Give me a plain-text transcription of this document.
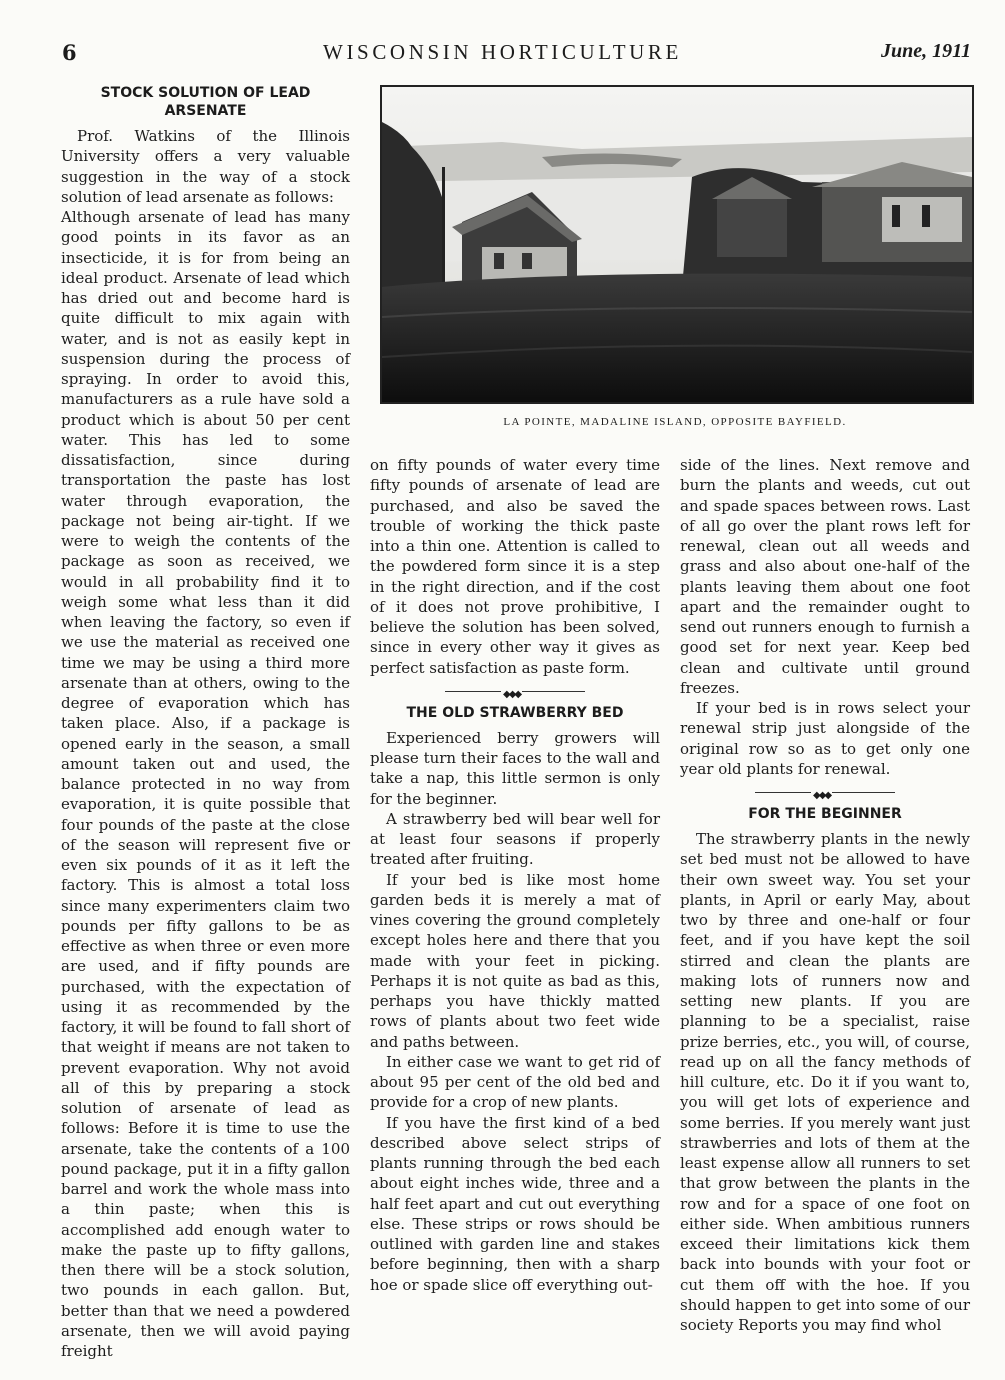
6	WISCONSIN HORTICULTURE	June, 1911
STOCK SOLUTION OF LEAD ARSENATE

Prof. Watkins of the Illinois University offers a very valuable suggestion in the way of a stock solution of lead arsenate as follows:

Although arsenate of lead has many good points in its favor as an insecticide, it is for from being an ideal product. Arsenate of lead which has dried out and become hard is quite difficult to mix again with water, and is not as easily kept in suspension during the process of spraying. In order to avoid this, manufacturers as a rule have sold a product which is about 50 per cent water. This has led to some dissatisfaction, since during transportation the paste has lost water through evaporation, the package not being air-tight. If we were to weigh the contents of the package as soon as received, we would in all probability find it to weigh some what less than it did when leaving the factory, so even if we use the material as received one time we may be using a third more arsenate than at others, owing to the degree of evaporation which has taken place. Also, if a package is opened early in the season, a small amount taken out and used, the balance protected in no way from evaporation, it is quite possible that four pounds of the paste at the close of the season will represent five or even six pounds of it as it left the factory. This is almost a total loss since many experimenters claim two pounds per fifty gallons to be as effective as when three or even more are used, and if fifty pounds are purchased, with the expectation of using it as recommended by the factory, it will be found to fall short of that weight if means are not taken to prevent evaporation. Why not avoid all of this by preparing a stock solution of arsenate of lead as follows: Before it is time to use the arsenate, take the contents of a 100 pound package, put it in a fifty gallon barrel and work the whole mass into a thin paste; when this is accomplished add enough water to make the paste up to fifty gallons, then there will be a stock solution, two pounds in each gallon. But, better than that we need a powdered arsenate, then we will avoid paying freight

LA POINTE, MADALINE ISLAND, OPPOSITE BAYFIELD.

on fifty pounds of water every time fifty pounds of arsenate of lead are purchased, and also be saved the trouble of working the thick paste into a thin one. Attention is called to the powdered form since it is a step in the right direction, and if the cost of it does not prove prohibitive, I believe the solution has been solved, since in every other way it gives as perfect satisfaction as paste form.

◆◆◆
THE OLD STRAWBERRY BED

Experienced berry growers will please turn their faces to the wall and take a nap, this little sermon is only for the beginner.

A strawberry bed will bear well for at least four seasons if properly treated after fruiting.

If your bed is like most home garden beds it is merely a mat of vines covering the ground completely except holes here and there that you made with your feet in picking. Perhaps it is not quite as bad as this, perhaps you have thickly matted rows of plants about two feet wide and paths between.

In either case we want to get rid of about 95 per cent of the old bed and provide for a crop of new plants.

If you have the first kind of a bed described above select strips of plants running through the bed each about eight inches wide, three and a half feet apart and cut out everything else. These strips or rows should be outlined with garden line and stakes before beginning, then with a sharp hoe or spade slice off everything out-

side of the lines. Next remove and burn the plants and weeds, cut out and spade spaces between rows. Last of all go over the plant rows left for renewal, clean out all weeds and grass and also about one-half of the plants leaving them about one foot apart and the remainder ought to send out runners enough to furnish a good set for next year. Keep bed clean and cultivate until ground freezes.

If your bed is in rows select your renewal strip just alongside of the original row so as to get only one year old plants for renewal.

◆◆◆
FOR THE BEGINNER

The strawberry plants in the newly set bed must not be allowed to have their own sweet way. You set your plants, in April or early May, about two by three and one-half or four feet, and if you have kept the soil stirred and clean the plants are making lots of runners now and setting new plants. If you are planning to be a specialist, raise prize berries, etc., you will, of course, read up on all the fancy methods of hill culture, etc. Do it if you want to, you will get lots of experience and some berries. If you merely want just strawberries and lots of them at the least expense allow all runners to set that grow between the plants in the row and for a space of one foot on either side. When ambitious runners exceed their limitations kick them back into bounds with your foot or cut them off with the hoe. If you should happen to get into some of our society Reports you may find whol
